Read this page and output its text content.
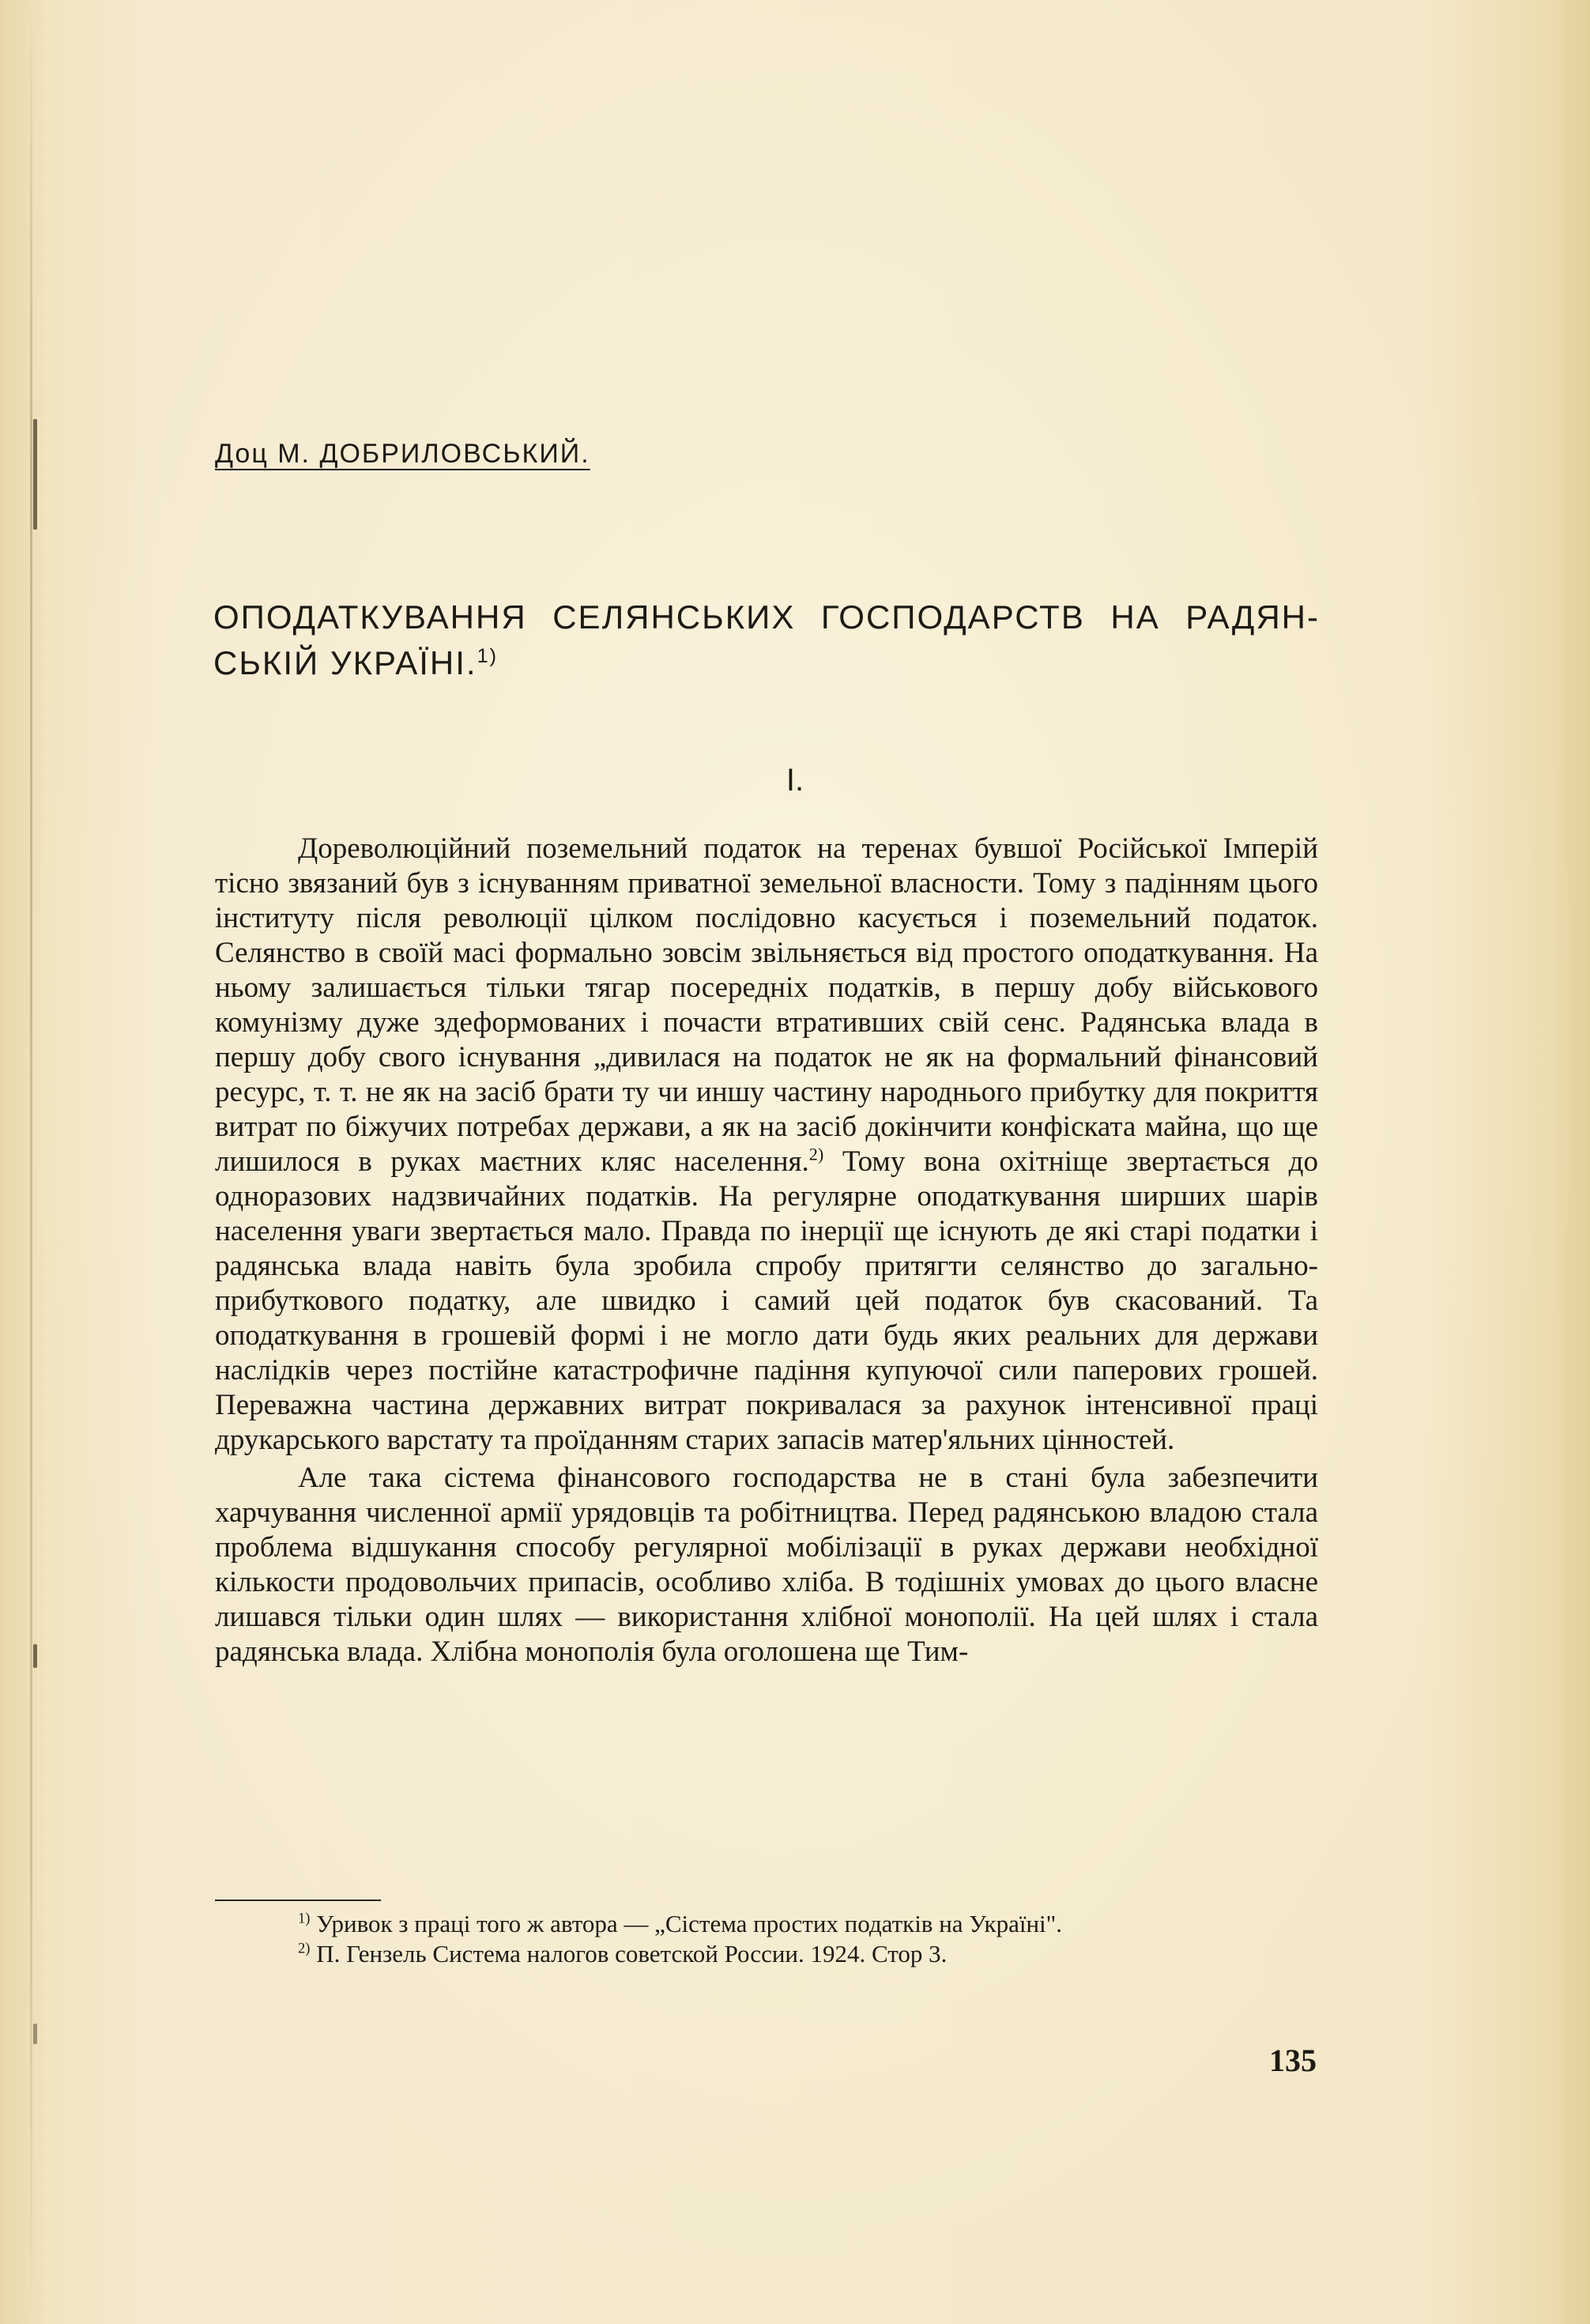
Доц М. ДОБРИЛОВСЬКИЙ.
ОПОДАТКУВАННЯ СЕЛЯНСЬКИХ ГОСПОДАРСТВ НА РАДЯН-СЬКІЙ УКРАЇНІ.$^{1)}$
I.

Дореволюційний поземельний податок на теренах бувшої Російської Імперій тісно звязаний був з існуванням приватної земельної власности. Тому з падінням цього інституту після революції цілком послідовно касується і поземельний податок. Селянство в своїй масі формально зовсім звільняється від простого оподаткування. На ньому залишається тільки тягар посередніх податків, в першу добу військового комунізму дуже здеформованих і почасти втративших свій сенс. Радянська влада в першу добу свого існування „дивилася на податок не як на формальний фінансовий ресурс, т. т. не як на засіб брати ту чи иншу частину народнього прибутку для покриття витрат по біжучих потребах держави, а як на засіб докінчити конфіската майна, що ще лишилося в руках маєтних кляс населення.$^{2)}$ Тому вона охітніще звертається до одноразових надзвичайних податків. На регулярне оподаткування ширших шарів населення уваги звертається мало. Правда по інерції ще існують де які старі податки і радянська влада навіть була зробила спробу притягти селянство до загально-прибуткового податку, але швидко і самий цей податок був скасований. Та оподаткування в грошевій формі і не могло дати будь яких реальних для держави наслідків через постійне катастрофичне падіння купуючої сили паперових грошей. Переважна частина державних витрат покривалася за рахунок інтенсивної праці друкарського варстату та проїданням старих запасів матер'яльних цінностей.

Але така сістема фінансового господарства не в стані була забезпечити харчування численної армії урядовців та робітництва. Перед радянською владою стала проблема відшукання способу регулярної мобілізації в руках держави необхідної кількости продовольчих припасів, особливо хліба. В тодішніх умовах до цього власне лишався тільки один шлях — використання хлібної монополії. На цей шлях і стала радянська влада. Хлібна монополія була оголошена ще Тим-

$^{1)}$ Уривок з праці того ж автора — „Сістема простих податків на Україні".

$^{2)}$ П. Гензель Система налогов советской России. 1924. Стор 3.

135
